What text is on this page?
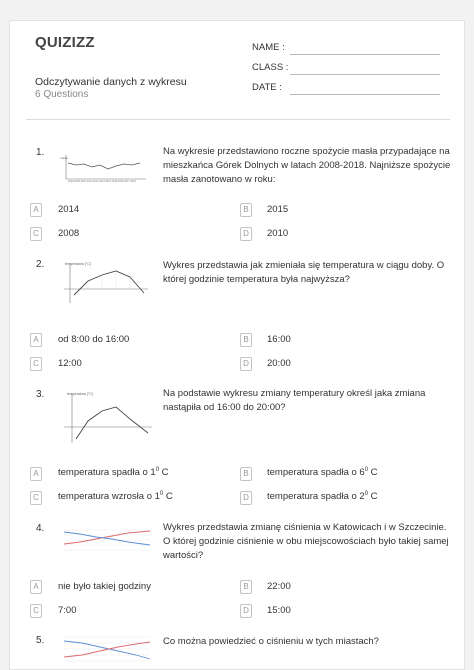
QUIZIZZ	NAME :
CLASS :
DATE :
Odczytywanie danych z wykresu
6 Questions
1.	masło
2008 2009 2010 2011 2012 2013 2014 2015 2016 2017 2018
Na wykresie przedstawiono roczne spożycie masła przypadające na mieszkańca Górek Dolnych w latach 2008-2018. Najniższe spożycie masła zanotowano w roku:
A	2014	B	2015
C	2008	D	2010
2.	temperatura [°C]	Wykres przedstawia jak zmieniała się temperatura w ciągu doby. O której godzinie temperatura była najwyższa?
A	od 8:00 do 16:00	B	16:00
C	12:00	D	20:00
3.	temperatura [°C]	Na podstawie wykresu zmiany temperatury określ jaka zmiana nastąpiła od 16:00 do 20:00?
A	temperatura spadła o $1^0$ C	B	temperatura spadła o $6^0$ C
C	temperatura wzrosła o $1^0$ C	D	temperatura spadła o $2^0$ C
4.	Wykres przedstawia zmianę ciśnienia w Katowicach i w Szczecinie. O której godzinie ciśnienie w obu miejscowościach było takiej samej wartości?
A	nie było takiej godziny	B	22:00
C	7:00	D	15:00
5.	Co można powiedzieć o ciśnieniu w tych miastach?
